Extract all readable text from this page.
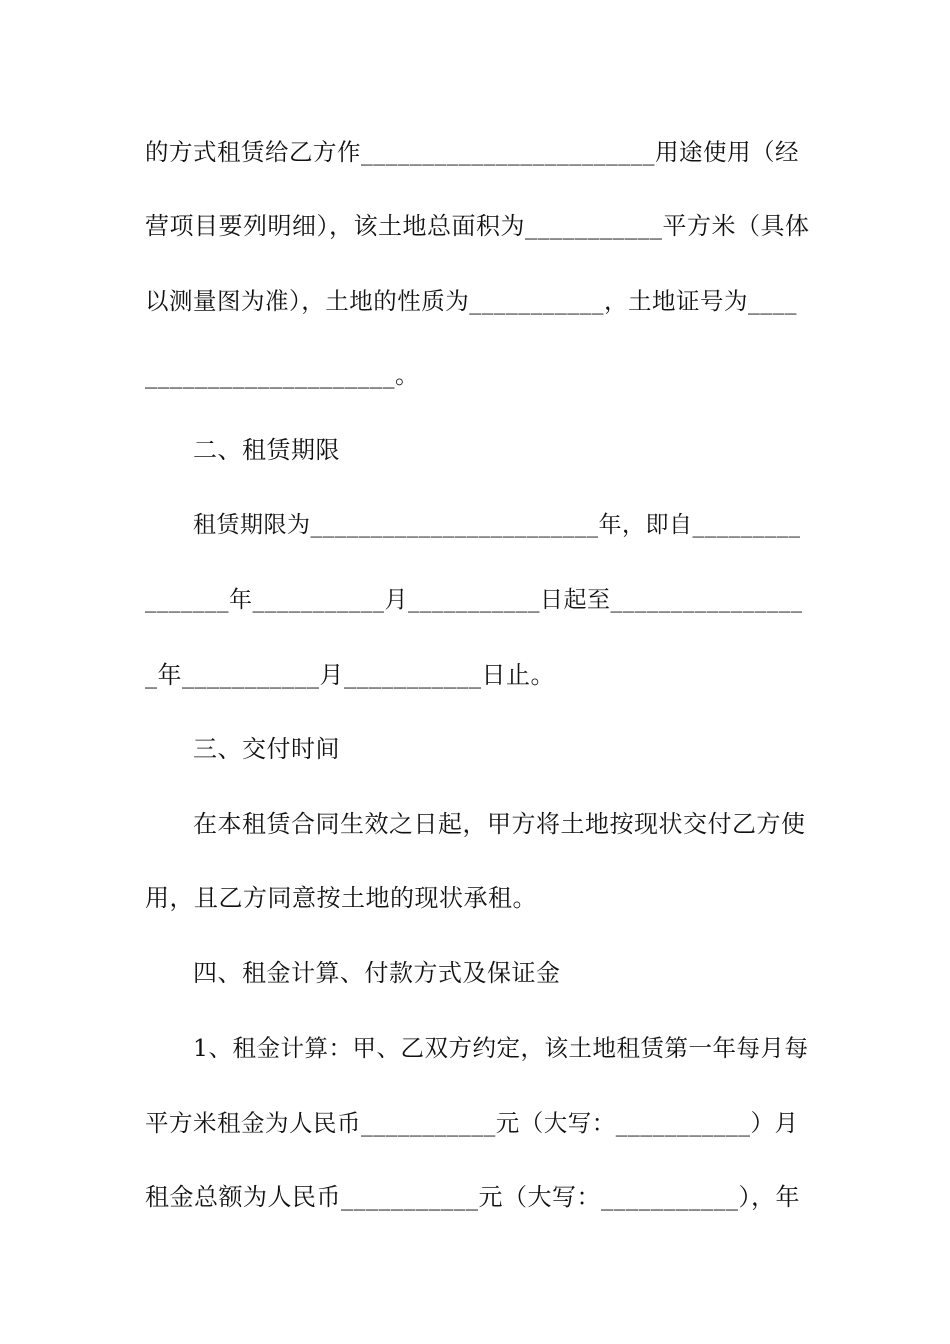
的方式租赁给乙方作________________________用途使用（经
营项目要列明细），该土地总面积为___________平方米（具体
以测量图为准），土地的性质为___________，土地证号为____
____________________。
二、租赁期限
租赁期限为________________________年，即自_________
_______年___________月___________日起至________________
_年___________月___________日止。
三、交付时间
在本租赁合同生效之日起，甲方将土地按现状交付乙方使
用，且乙方同意按土地的现状承租。
四、租金计算、付款方式及保证金
1、租金计算：甲、乙双方约定，该土地租赁第一年每月每
平方米租金为人民币___________元（大写：___________）月
租金总额为人民币___________元（大写：___________），年
